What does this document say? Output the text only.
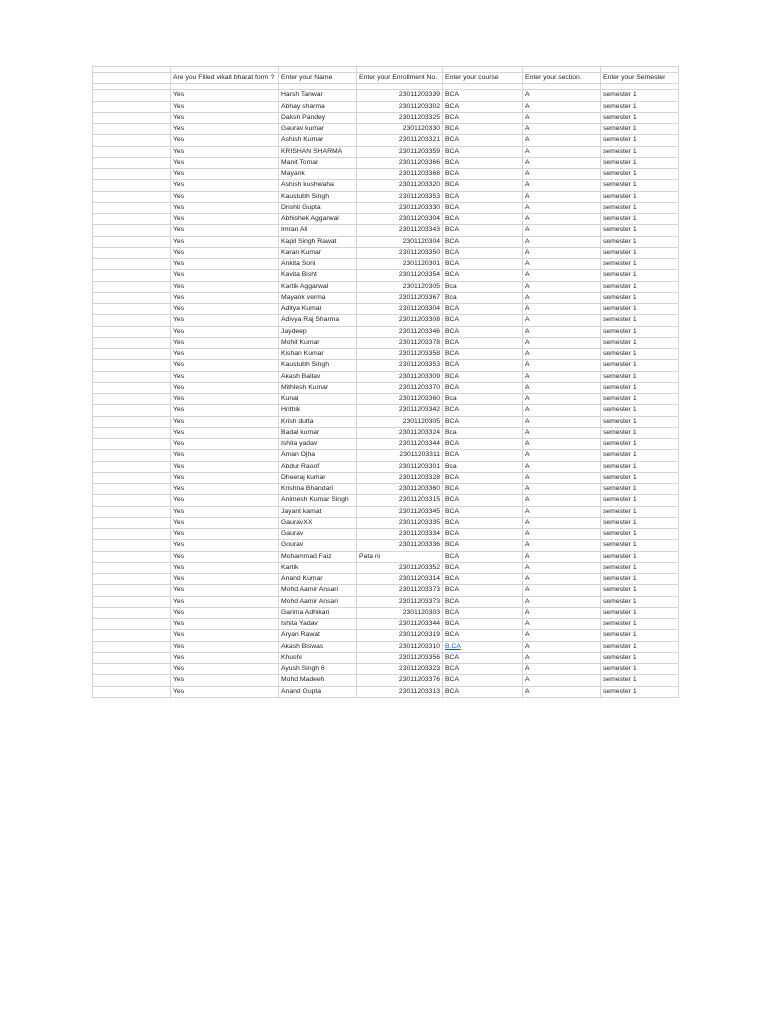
	Are you Filled vikait bharat form ?	Enter your Name	Enter your Enrollment No.	Enter your course	Enter your section.	Enter your Semester

	Yes	Harsh Tanwar	23011203339	BCA	A	semester 1
	Yes	Abhay sharma	23011203302	BCA	A	semester 1
	Yes	Daksh Pandey	23011203325	BCA	A	semester 1
	Yes	Gaurav kumar	2301120330	BCA	A	semester 1
	Yes	Ashish Kumar	23011203321	BCA	A	semester 1
	Yes	KRISHAN SHARMA	23011203359	BCA	A	semester 1
	Yes	Manit Tomar	23011203366	BCA	A	semester 1
	Yes	Mayank	23011203368	BCA	A	semester 1
	Yes	Ashish kushwaha	23011203320	BCA	A	semester 1
	Yes	Kaustubh Singh	23011203353	BCA	A	semester 1
	Yes	Drishti Gupta	23011203330	BCA	A	semester 1
	Yes	Abhishek Aggarwal	23011203304	BCA	A	semester 1
	Yes	Imran Ali	23011203343	BCA	A	semester 1
	Yes	Kapil Singh Rawat	2301120304	BCA	A	semester 1
	Yes	Karan Kumar	23011203350	BCA	A	semester 1
	Yes	Ankita Soni	2301120301	BCA	A	semester 1
	Yes	Kavita Bisht	23011203354	BCA	A	semester 1
	Yes	Kartik Aggarwal	2301120305	Bca	A	semester 1
	Yes	Mayank verma	23011203367	Bca	A	semester 1
	Yes	Aditya Kumar	23011203304	BCA	A	semester 1
	Yes	Adivya Raj Sharma	23011203308	BCA	A	semester 1
	Yes	Jaydeep	23011203346	BCA	A	semester 1
	Yes	Mohit Kumar	23011203378	BCA	A	semester 1
	Yes	Kishan Kumar	23011203358	BCA	A	semester 1
	Yes	Kaustubh Singh	23011203353	BCA	A	semester 1
	Yes	Akash Ballav	23011203309	BCA	A	semester 1
	Yes	Mithlesh Kumar	23011203370	BCA	A	semester 1
	Yes	Kunal	23011203360	Bca	A	semester 1
	Yes	Hrithik	23011203342	BCA	A	semester 1
	Yes	Krish dutta	2301120305	BCA	A	semester 1
	Yes	Badal kumar	23011203324	Bca	A	semester 1
	Yes	Ishita yadav	23011203344	BCA	A	semester 1
	Yes	Aman Ojha	23011203311	BCA	A	semester 1
	Yes	Abdur Raoof	23011203301	Bca	A	semester 1
	Yes	Dheeraj kumar	23011203328	BCA	A	semester 1
	Yes	Krishna Bhandari	23011203360	BCA	A	semester 1
	Yes	Animesh Kumar Singh	23011203315	BCA	A	semester 1
	Yes	Jayant kamat	23011203345	BCA	A	semester 1
	Yes	GauravXX	23011203335	BCA	A	semester 1
	Yes	Gaurav	23011203334	BCA	A	semester 1
	Yes	Gourav	23011203336	BCA	A	semester 1
	Yes	Mohammad Faiz	Pata ni	BCA	A	semester 1
	Yes	Kartik	23011203352	BCA	A	semester 1
	Yes	Anand Kumar	23011203314	BCA	A	semester 1
	Yes	Mohd Aamir Ansari	23011203373	BCA	A	semester 1
	Yes	Mohd Aamir Ansari	23011203373	BCA	A	semester 1
	Yes	Garima Adhikari	2301120303	BCA	A	semester 1
	Yes	Ishita Yadav	23011203344	BCA	A	semester 1
	Yes	Aryan Rawat	23011203319	BCA	A	semester 1
	Yes	Akash Biswas	23011203310	B.CA	A	semester 1
	Yes	Khushi	23011203356	BCA	A	semester 1
	Yes	Ayush Singh 6	23011203323	BCA	A	semester 1
	Yes	Mohd Madeeh	23011203376	BCA	A	semester 1
	Yes	Anand Gupta	23011203313	BCA	A	semester 1
